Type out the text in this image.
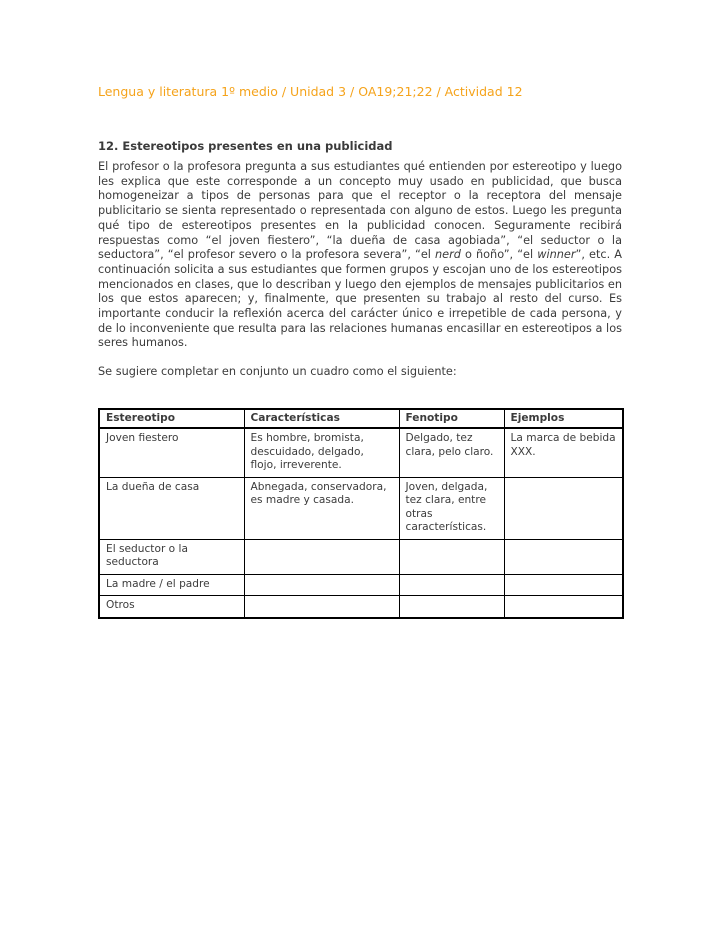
Lengua y literatura 1º medio / Unidad 3 / OA19;21;22 / Actividad 12

12. Estereotipos presentes en una publicidad

El profesor o la profesora pregunta a sus estudiantes qué entienden por estereotipo y luego les explica que este corresponde a un concepto muy usado en publicidad, que busca homogeneizar a tipos de personas para que el receptor o la receptora del mensaje publicitario se sienta representado o representada con alguno de estos. Luego les pregunta qué tipo de estereotipos presentes en la publicidad conocen. Seguramente recibirá respuestas como “el joven fiestero”, “la dueña de casa agobiada”, “el seductor o la seductora”, “el profesor severo o la profesora severa”, “el nerd o ñoño”, “el winner”, etc. A continuación solicita a sus estudiantes que formen grupos y escojan uno de los estereotipos mencionados en clases, que lo describan y luego den ejemplos de mensajes publicitarios en los que estos aparecen; y, finalmente, que presenten su trabajo al resto del curso. Es importante conducir la reflexión acerca del carácter único e irrepetible de cada persona, y de lo inconveniente que resulta para las relaciones humanas encasillar en estereotipos a los seres humanos.

Se sugiere completar en conjunto un cuadro como el siguiente:

Estereotipo	Características	Fenotipo	Ejemplos
Joven fiestero	Es hombre, bromista, descuidado, delgado, flojo, irreverente.	Delgado, tez clara, pelo claro.	La marca de bebida XXX.
La dueña de casa	Abnegada, conservadora, es madre y casada.	Joven, delgada, tez clara, entre otras características.	
El seductor o la seductora			
La madre / el padre			
Otros			
